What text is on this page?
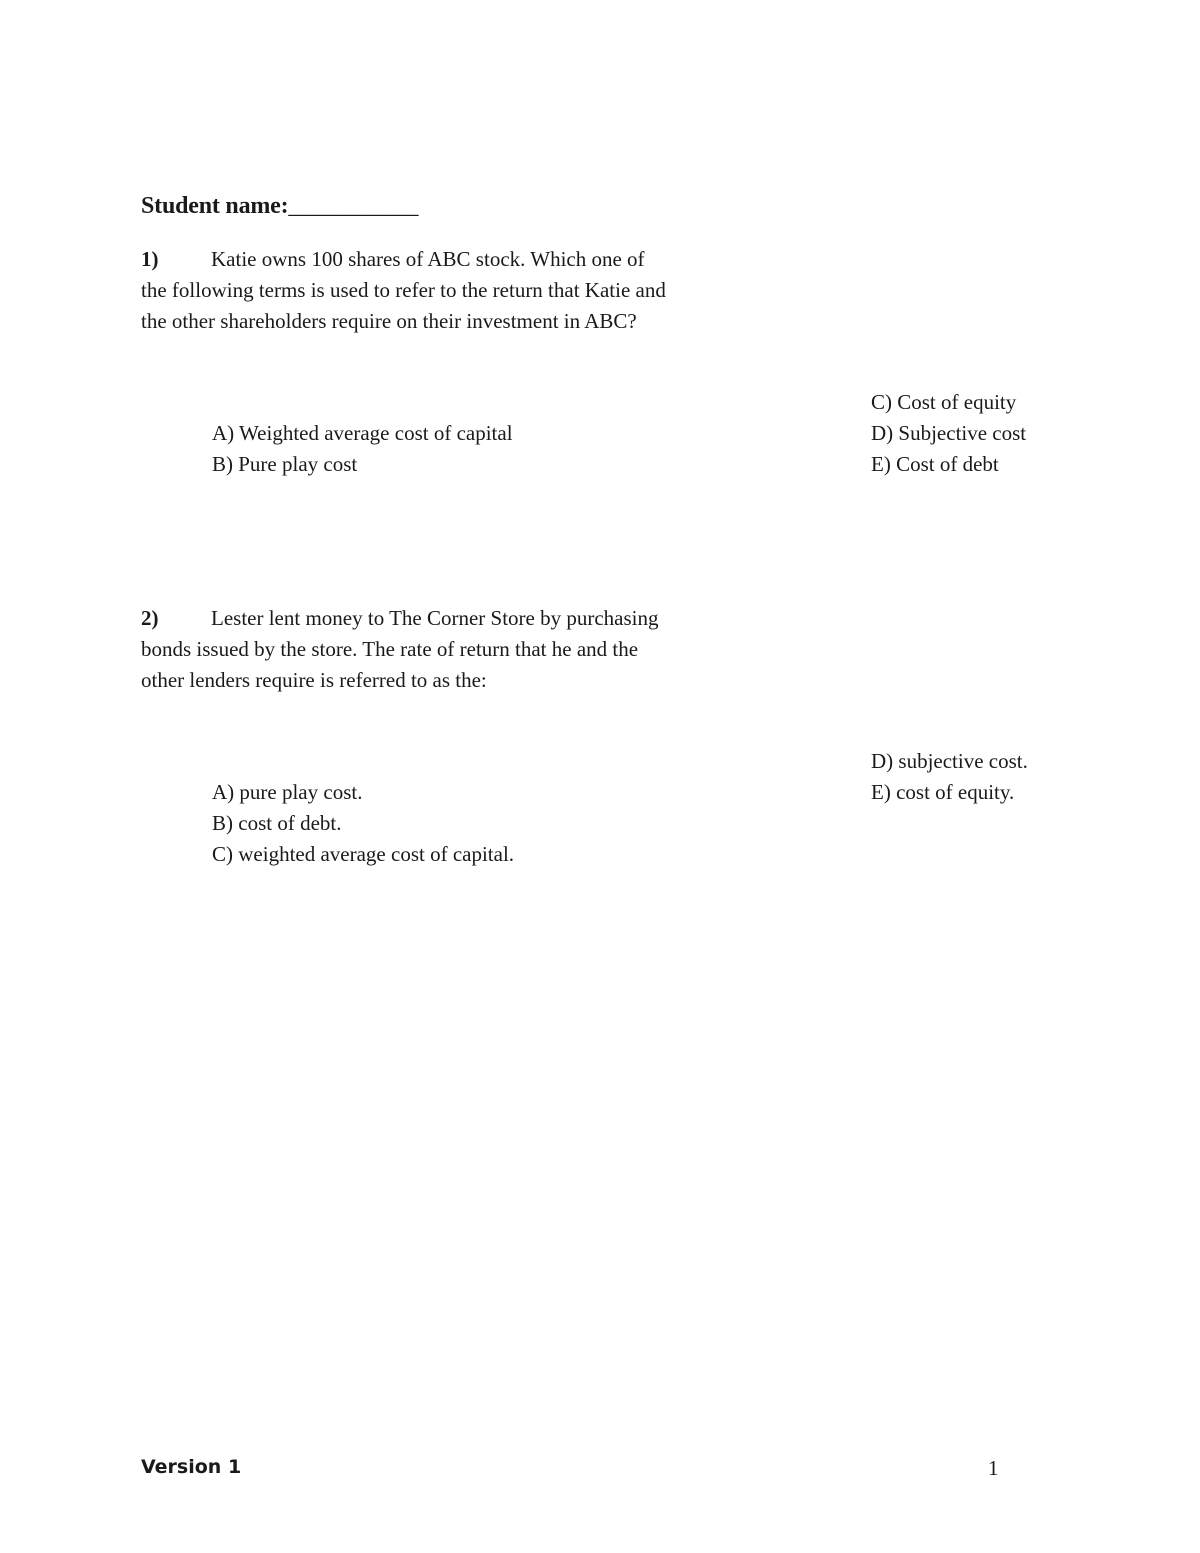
Student name:___________
1)	Katie owns 100 shares of ABC stock. Which one of
the following terms is used to refer to the return that Katie and
the other shareholders require on their investment in ABC?
A) Weighted average cost of capital
B) Pure play cost
C) Cost of equity
D) Subjective cost
E) Cost of debt
2)	Lester lent money to The Corner Store by purchasing
bonds issued by the store. The rate of return that he and the
other lenders require is referred to as the:
A) pure play cost.
B) cost of debt.
C) weighted average cost of capital.
D) subjective cost.
E) cost of equity.
Version 1	1
